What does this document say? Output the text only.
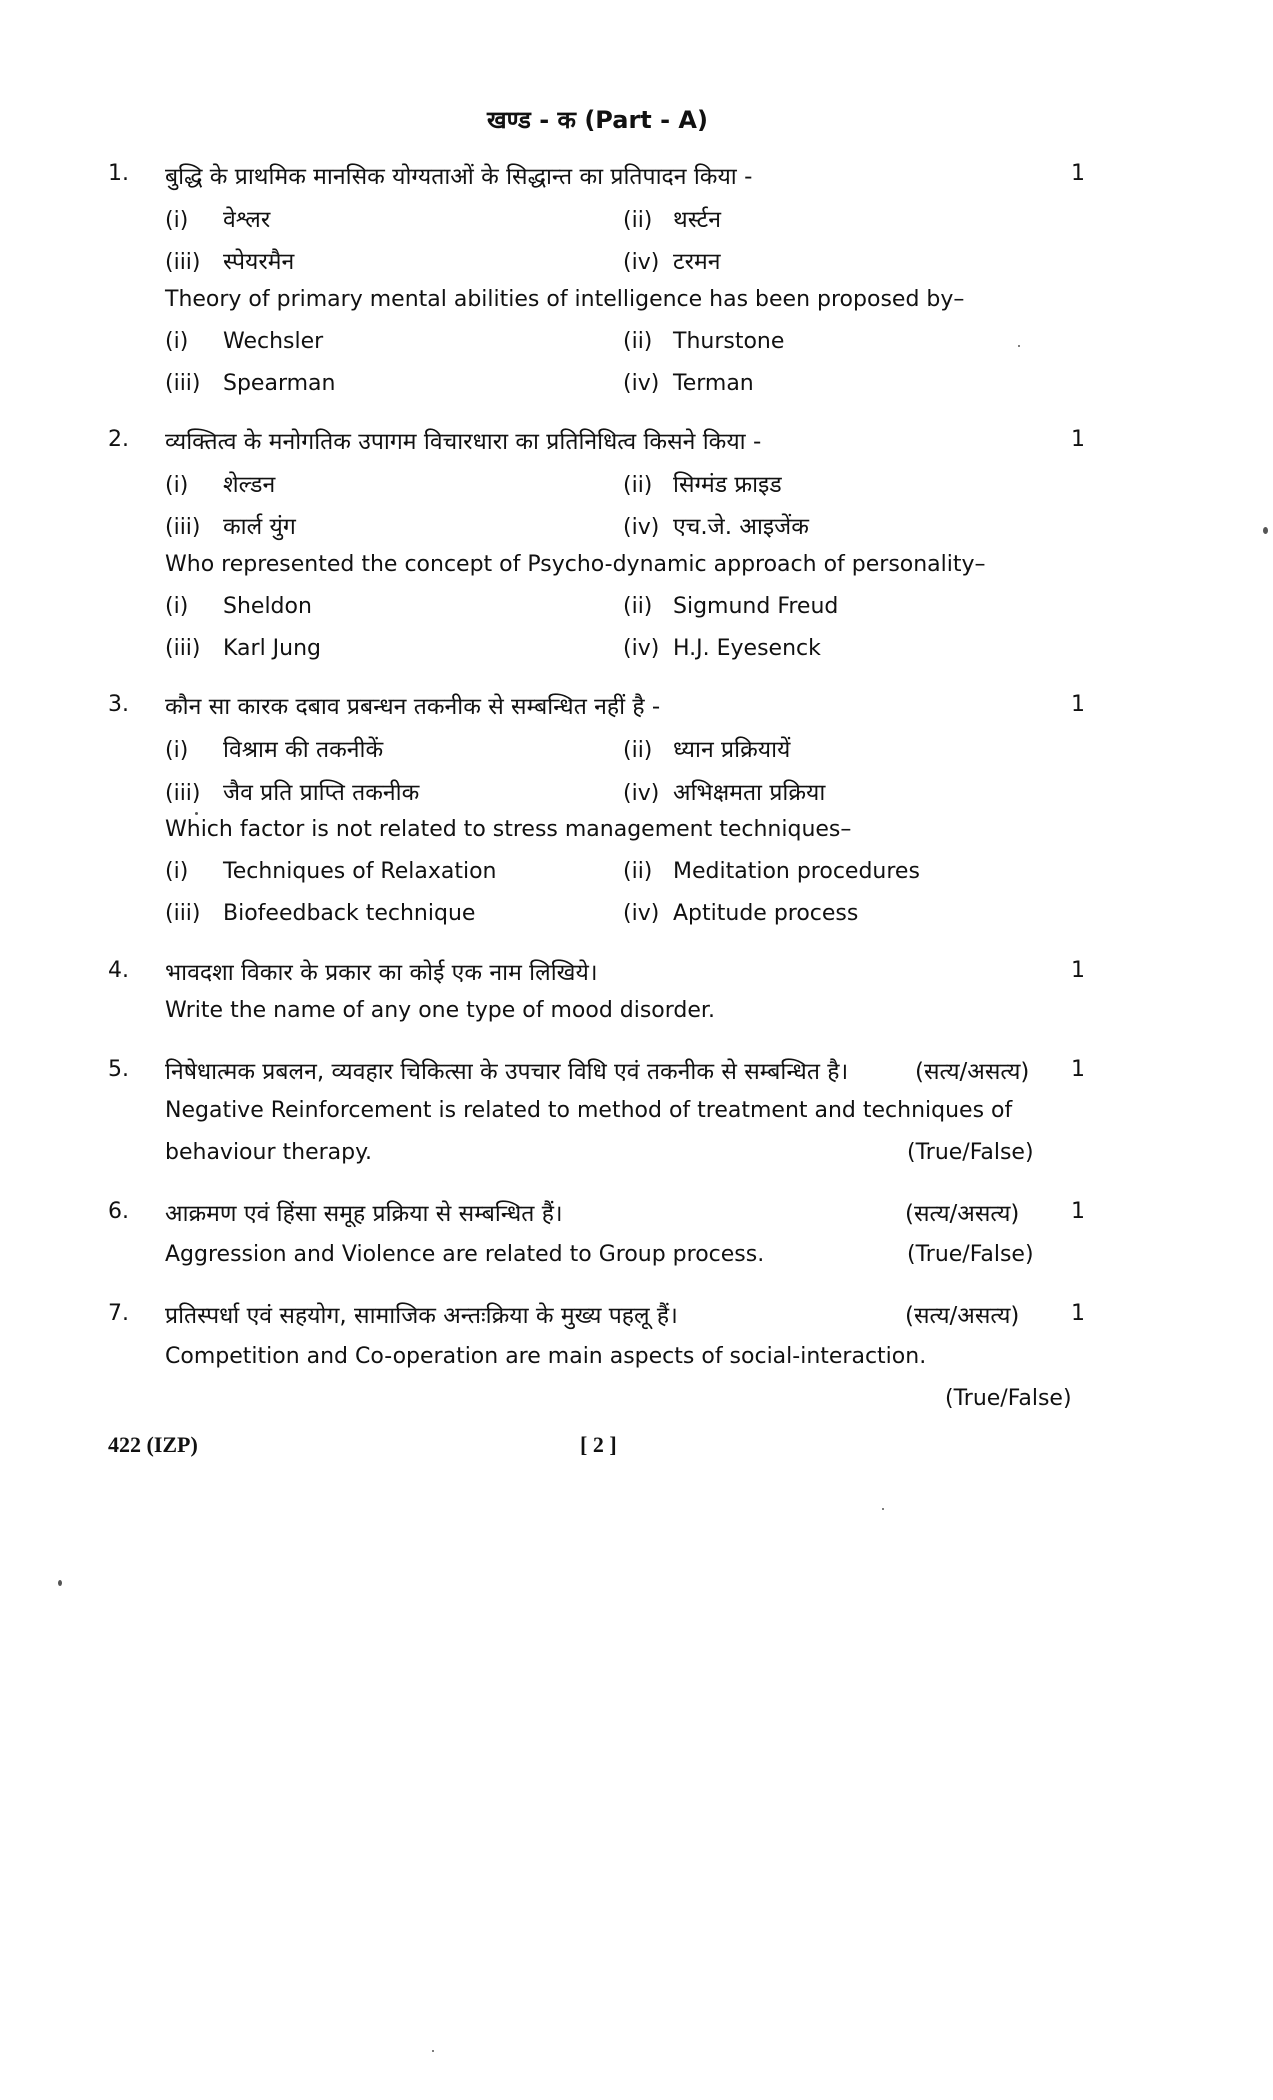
खण्ड - क (Part - A)
1. बुद्धि के प्राथमिक मानसिक योग्यताओं के सिद्धान्त का प्रतिपादन किया -	1
(i) वेश्लर	(ii) थर्स्टन
(iii) स्पेयरमैन	(iv) टरमन
Theory of primary mental abilities of intelligence has been proposed by–
(i) Wechsler	(ii) Thurstone
(iii) Spearman	(iv) Terman
2. व्यक्तित्व के मनोगतिक उपागम विचारधारा का प्रतिनिधित्व किसने किया -	1
(i) शेल्डन	(ii) सिग्मंड फ्राइड
(iii) कार्ल युंग	(iv) एच.जे. आइजेंक
Who represented the concept of Psycho-dynamic approach of personality–
(i) Sheldon	(ii) Sigmund Freud
(iii) Karl Jung	(iv) H.J. Eyesenck
3. कौन सा कारक दबाव प्रबन्धन तकनीक से सम्बन्धित नहीं है -	1
(i) विश्राम की तकनीकें	(ii) ध्यान प्रक्रियायें
(iii) जैव प्रति प्राप्ति तकनीक	(iv) अभिक्षमता प्रक्रिया
Which factor is not related to stress management techniques–
(i) Techniques of Relaxation	(ii) Meditation procedures
(iii) Biofeedback technique	(iv) Aptitude process
4. भावदशा विकार के प्रकार का कोई एक नाम लिखिये।	1
Write the name of any one type of mood disorder.
5. निषेधात्मक प्रबलन, व्यवहार चिकित्सा के उपचार विधि एवं तकनीक से सम्बन्धित है।	(सत्य/असत्य) 1
Negative Reinforcement is related to method of treatment and techniques of
behaviour therapy.	(True/False)
6. आक्रमण एवं हिंसा समूह प्रक्रिया से सम्बन्धित हैं।	(सत्य/असत्य) 1
Aggression and Violence are related to Group process.	(True/False)
7. प्रतिस्पर्धा एवं सहयोग, सामाजिक अन्तःक्रिया के मुख्य पहलू हैं।	(सत्य/असत्य) 1
Competition and Co-operation are main aspects of social-interaction.
(True/False)
422 (IZP)	[ 2 ]
